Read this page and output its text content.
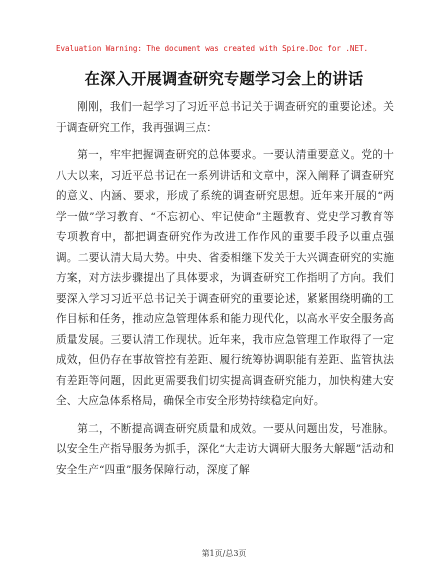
Evaluation Warning: The document was created with Spire.Doc for .NET.
在深入开展调查研究专题学习会上的讲话

刚刚，我们一起学习了习近平总书记关于调查研究的重要论述。关于调查研究工作，我再强调三点：

第一，牢牢把握调查研究的总体要求。一要认清重要意义。党的十八大以来，习近平总书记在一系列讲话和文章中，深入阐释了调查研究的意义、内涵、要求，形成了系统的调查研究思想。近年来开展的“两学一做”学习教育、“不忘初心、牢记使命”主题教育、党史学习教育等专项教育中，都把调查研究作为改进工作作风的重要手段予以重点强调。二要认清大局大势。中央、省委相继下发关于大兴调查研究的实施方案，对方法步骤提出了具体要求，为调查研究工作指明了方向。我们要深入学习习近平总书记关于调查研究的重要论述，紧紧围绕明确的工作目标和任务，推动应急管理体系和能力现代化，以高水平安全服务高质量发展。三要认清工作现状。近年来，我市应急管理工作取得了一定成效，但仍存在事故管控有差距、履行统筹协调职能有差距、监管执法有差距等问题，因此更需要我们切实提高调查研究能力，加快构建大安全、大应急体系格局，确保全市安全形势持续稳定向好。

第二，不断提高调查研究质量和成效。一要从问题出发，号准脉。以安全生产指导服务为抓手，深化“大走访大调研大服务大解题”活动和安全生产“四重”服务保障行动，深度了解

第1页/总3页
